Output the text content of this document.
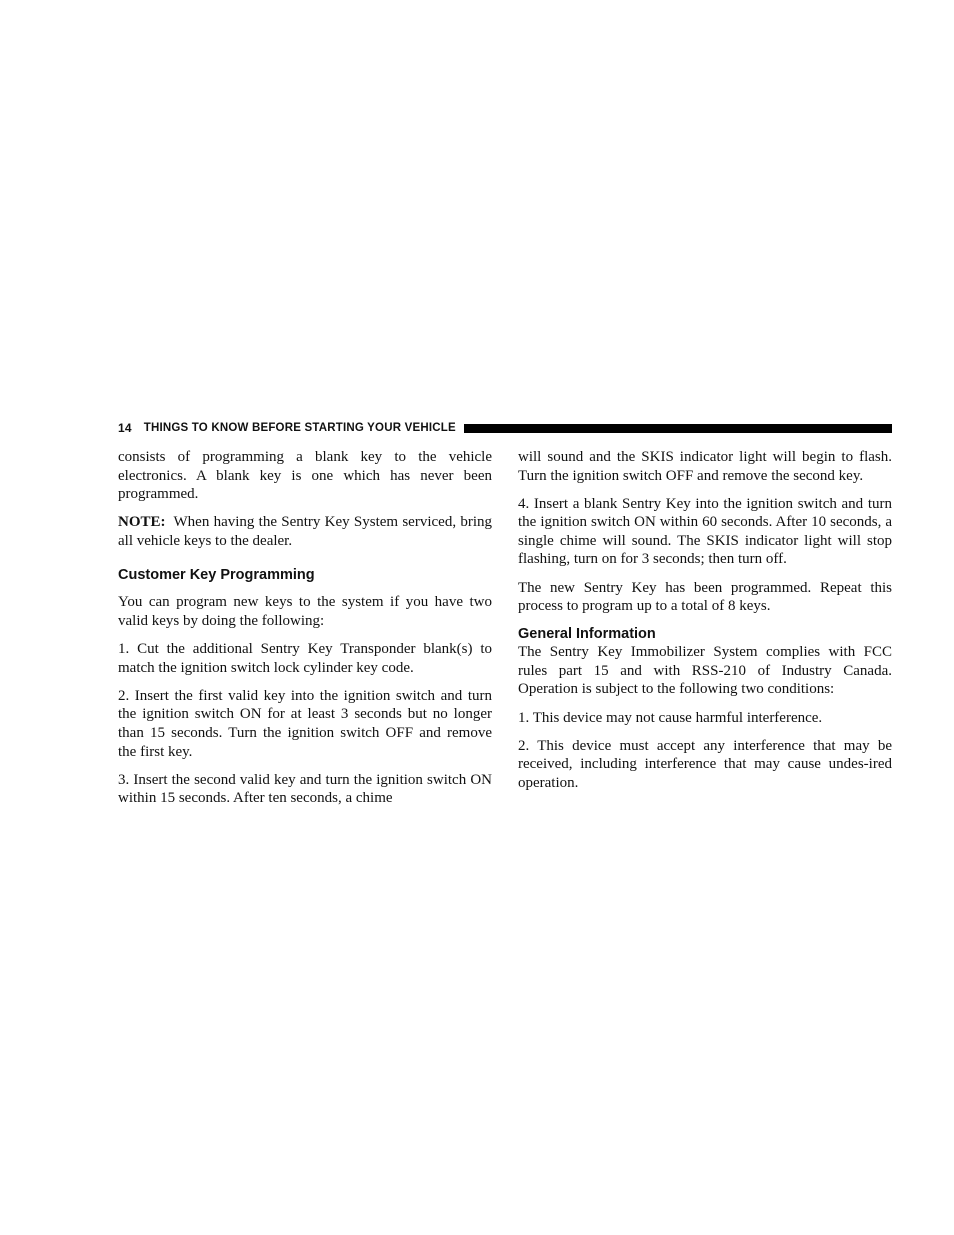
14 THINGS TO KNOW BEFORE STARTING YOUR VEHICLE

consists of programming a blank key to the vehicle electronics. A blank key is one which has never been programmed.

NOTE: When having the Sentry Key System serviced, bring all vehicle keys to the dealer.

Customer Key Programming

You can program new keys to the system if you have two valid keys by doing the following:

1. Cut the additional Sentry Key Transponder blank(s) to match the ignition switch lock cylinder key code.

2. Insert the first valid key into the ignition switch and turn the ignition switch ON for at least 3 seconds but no longer than 15 seconds. Turn the ignition switch OFF and remove the first key.

3. Insert the second valid key and turn the ignition switch ON within 15 seconds. After ten seconds, a chime

will sound and the SKIS indicator light will begin to flash. Turn the ignition switch OFF and remove the second key.

4. Insert a blank Sentry Key into the ignition switch and turn the ignition switch ON within 60 seconds. After 10 seconds, a single chime will sound. The SKIS indicator light will stop flashing, turn on for 3 seconds; then turn off.

The new Sentry Key has been programmed. Repeat this process to program up to a total of 8 keys.

General Information

The Sentry Key Immobilizer System complies with FCC rules part 15 and with RSS-210 of Industry Canada. Operation is subject to the following two conditions:

1. This device may not cause harmful interference.

2. This device must accept any interference that may be received, including interference that may cause undes-ired operation.
